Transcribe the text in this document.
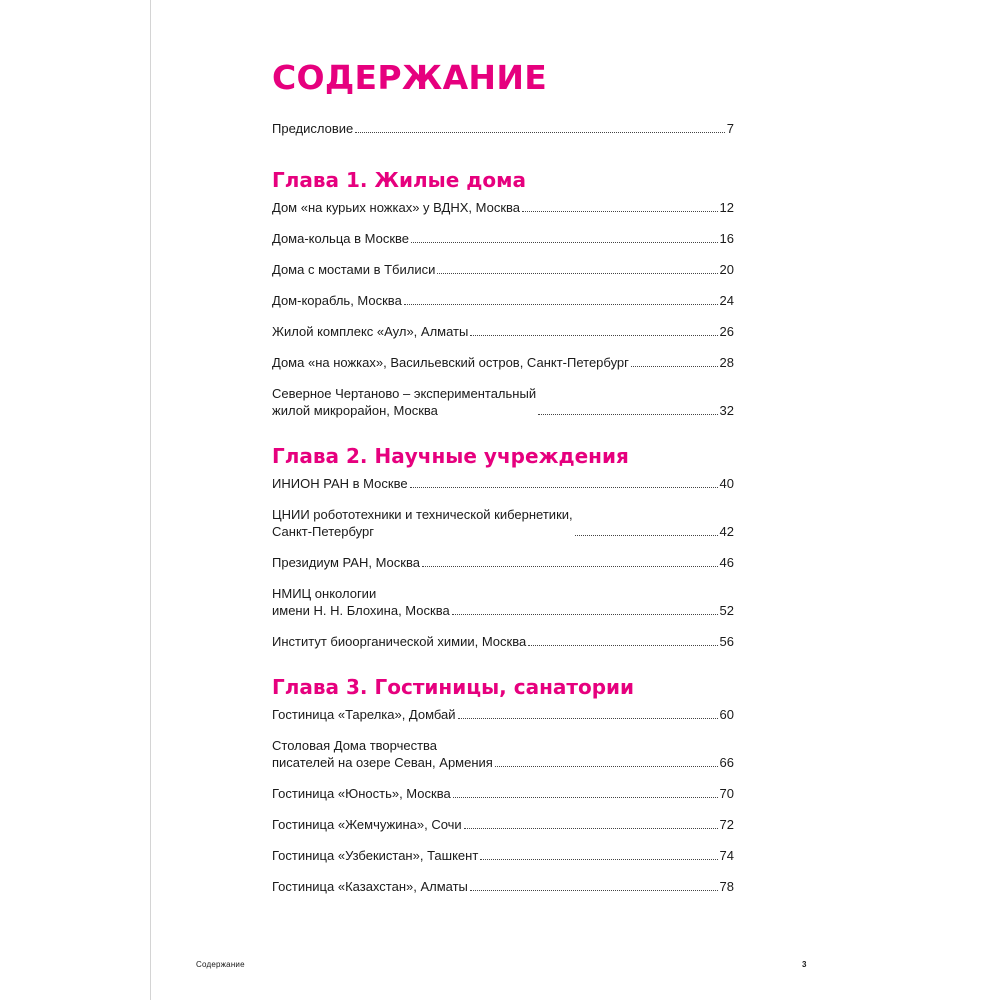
СОДЕРЖАНИЕ
Предисловие	7
Глава 1. Жилые дома
Дом «на курьих ножках» у ВДНХ, Москва	12
Дома-кольца в Москве	16
Дома с мостами в Тбилиси	20
Дом-корабль, Москва	24
Жилой комплекс «Аул», Алматы	26
Дома «на ножках», Васильевский остров, Санкт-Петербург	28
Северное Чертаново – экспериментальный
жилой микрорайон, Москва	32
Глава 2. Научные учреждения
ИНИОН РАН в Москве	40
ЦНИИ робототехники и технической кибернетики,
Санкт-Петербург	42
Президиум РАН, Москва	46
НМИЦ онкологии
имени Н. Н. Блохина, Москва	52
Институт биоорганической химии, Москва	56
Глава 3. Гостиницы, санатории
Гостиница «Тарелка», Домбай	60
Столовая Дома творчества
писателей на озере Севан, Армения	66
Гостиница «Юность», Москва	70
Гостиница «Жемчужина», Сочи	72
Гостиница «Узбекистан», Ташкент	74
Гостиница «Казахстан», Алматы	78
Содержание	3
